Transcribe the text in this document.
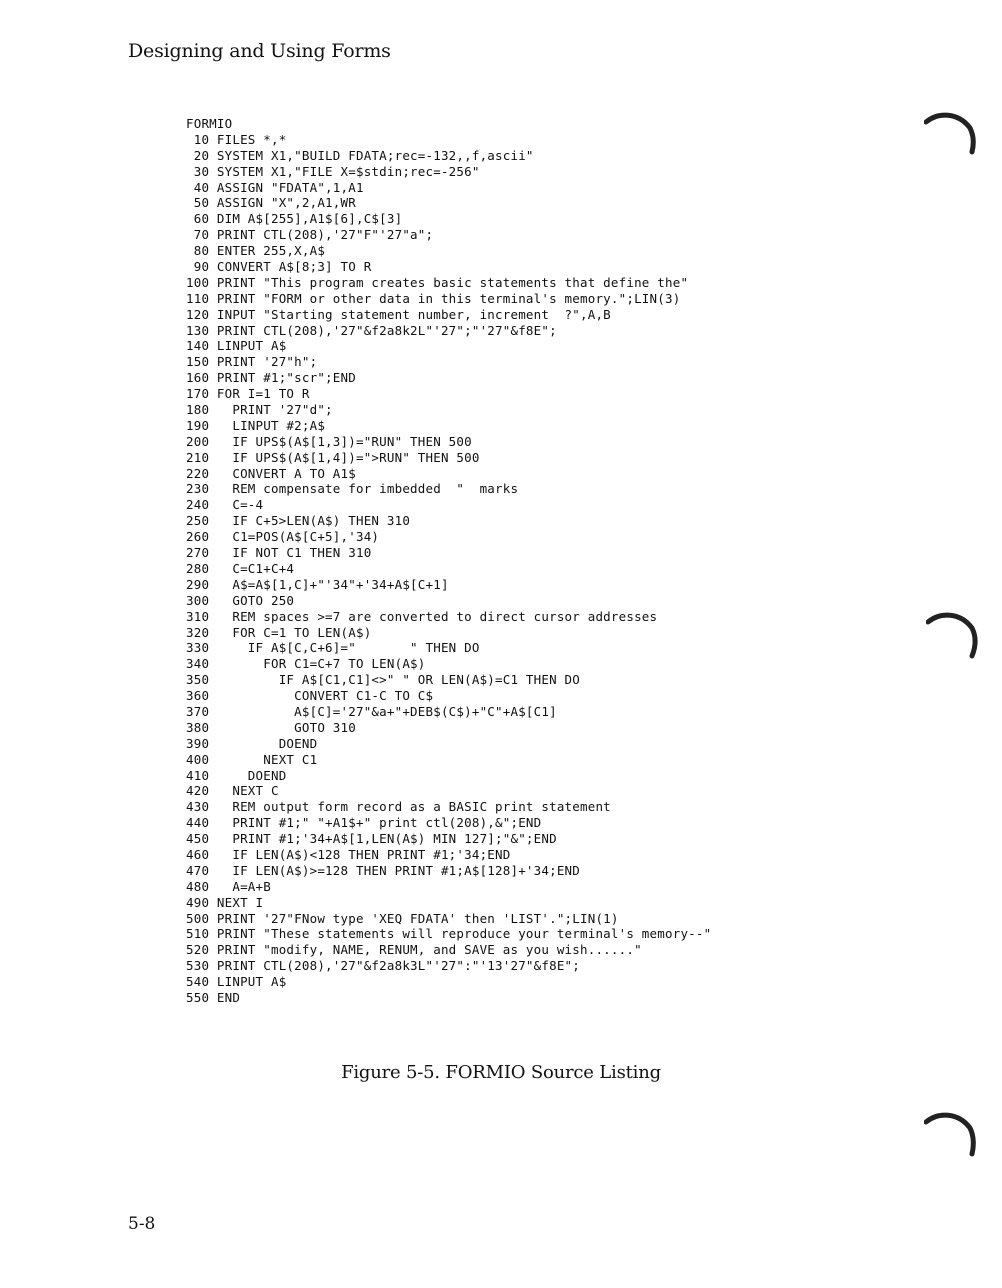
Designing and Using Forms
FORMIO
10 FILES *,*
20 SYSTEM X1,"BUILD FDATA;rec=-132,,f,ascii"
30 SYSTEM X1,"FILE X=$stdin;rec=-256"
40 ASSIGN "FDATA",1,A1
50 ASSIGN "X",2,A1,WR
60 DIM A$[255],A1$[6],C$[3]
70 PRINT CTL(208),'27"F"'27"a";
80 ENTER 255,X,A$
90 CONVERT A$[8;3] TO R
100 PRINT "This program creates basic statements that define the"
110 PRINT "FORM or other data in this terminal's memory.";LIN(3)
120 INPUT "Starting statement number, increment  ?",A,B
130 PRINT CTL(208),'27"&f2a8k2L"'27";"'27"&f8E";
140 LINPUT A$
150 PRINT '27"h";
160 PRINT #1;"scr";END
170 FOR I=1 TO R
180   PRINT '27"d";
190   LINPUT #2;A$
200   IF UPS$(A$[1,3])="RUN" THEN 500
210   IF UPS$(A$[1,4])=">RUN" THEN 500
220   CONVERT A TO A1$
230   REM compensate for imbedded  "  marks
240   C=-4
250   IF C+5>LEN(A$) THEN 310
260   C1=POS(A$[C+5],'34)
270   IF NOT C1 THEN 310
280   C=C1+C+4
290   A$=A$[1,C]+"'34"+'34+A$[C+1]
300   GOTO 250
310   REM spaces >=7 are converted to direct cursor addresses
320   FOR C=1 TO LEN(A$)
330     IF A$[C,C+6]="       " THEN DO
340       FOR C1=C+7 TO LEN(A$)
350         IF A$[C1,C1]<>" " OR LEN(A$)=C1 THEN DO
360           CONVERT C1-C TO C$
370           A$[C]='27"&a+"+DEB$(C$)+"C"+A$[C1]
380           GOTO 310
390         DOEND
400       NEXT C1
410     DOEND
420   NEXT C
430   REM output form record as a BASIC print statement
440   PRINT #1;" "+A1$+" print ctl(208),&";END
450   PRINT #1;'34+A$[1,LEN(A$) MIN 127];"&";END
460   IF LEN(A$)<128 THEN PRINT #1;'34;END
470   IF LEN(A$)>=128 THEN PRINT #1;A$[128]+'34;END
480   A=A+B
490 NEXT I
500 PRINT '27"FNow type 'XEQ FDATA' then 'LIST'.";LIN(1)
510 PRINT "These statements will reproduce your terminal's memory--"
520 PRINT "modify, NAME, RENUM, and SAVE as you wish......"
530 PRINT CTL(208),'27"&f2a8k3L"'27":"'13'27"&f8E";
540 LINPUT A$
550 END
Figure 5-5. FORMIO Source Listing
5-8
